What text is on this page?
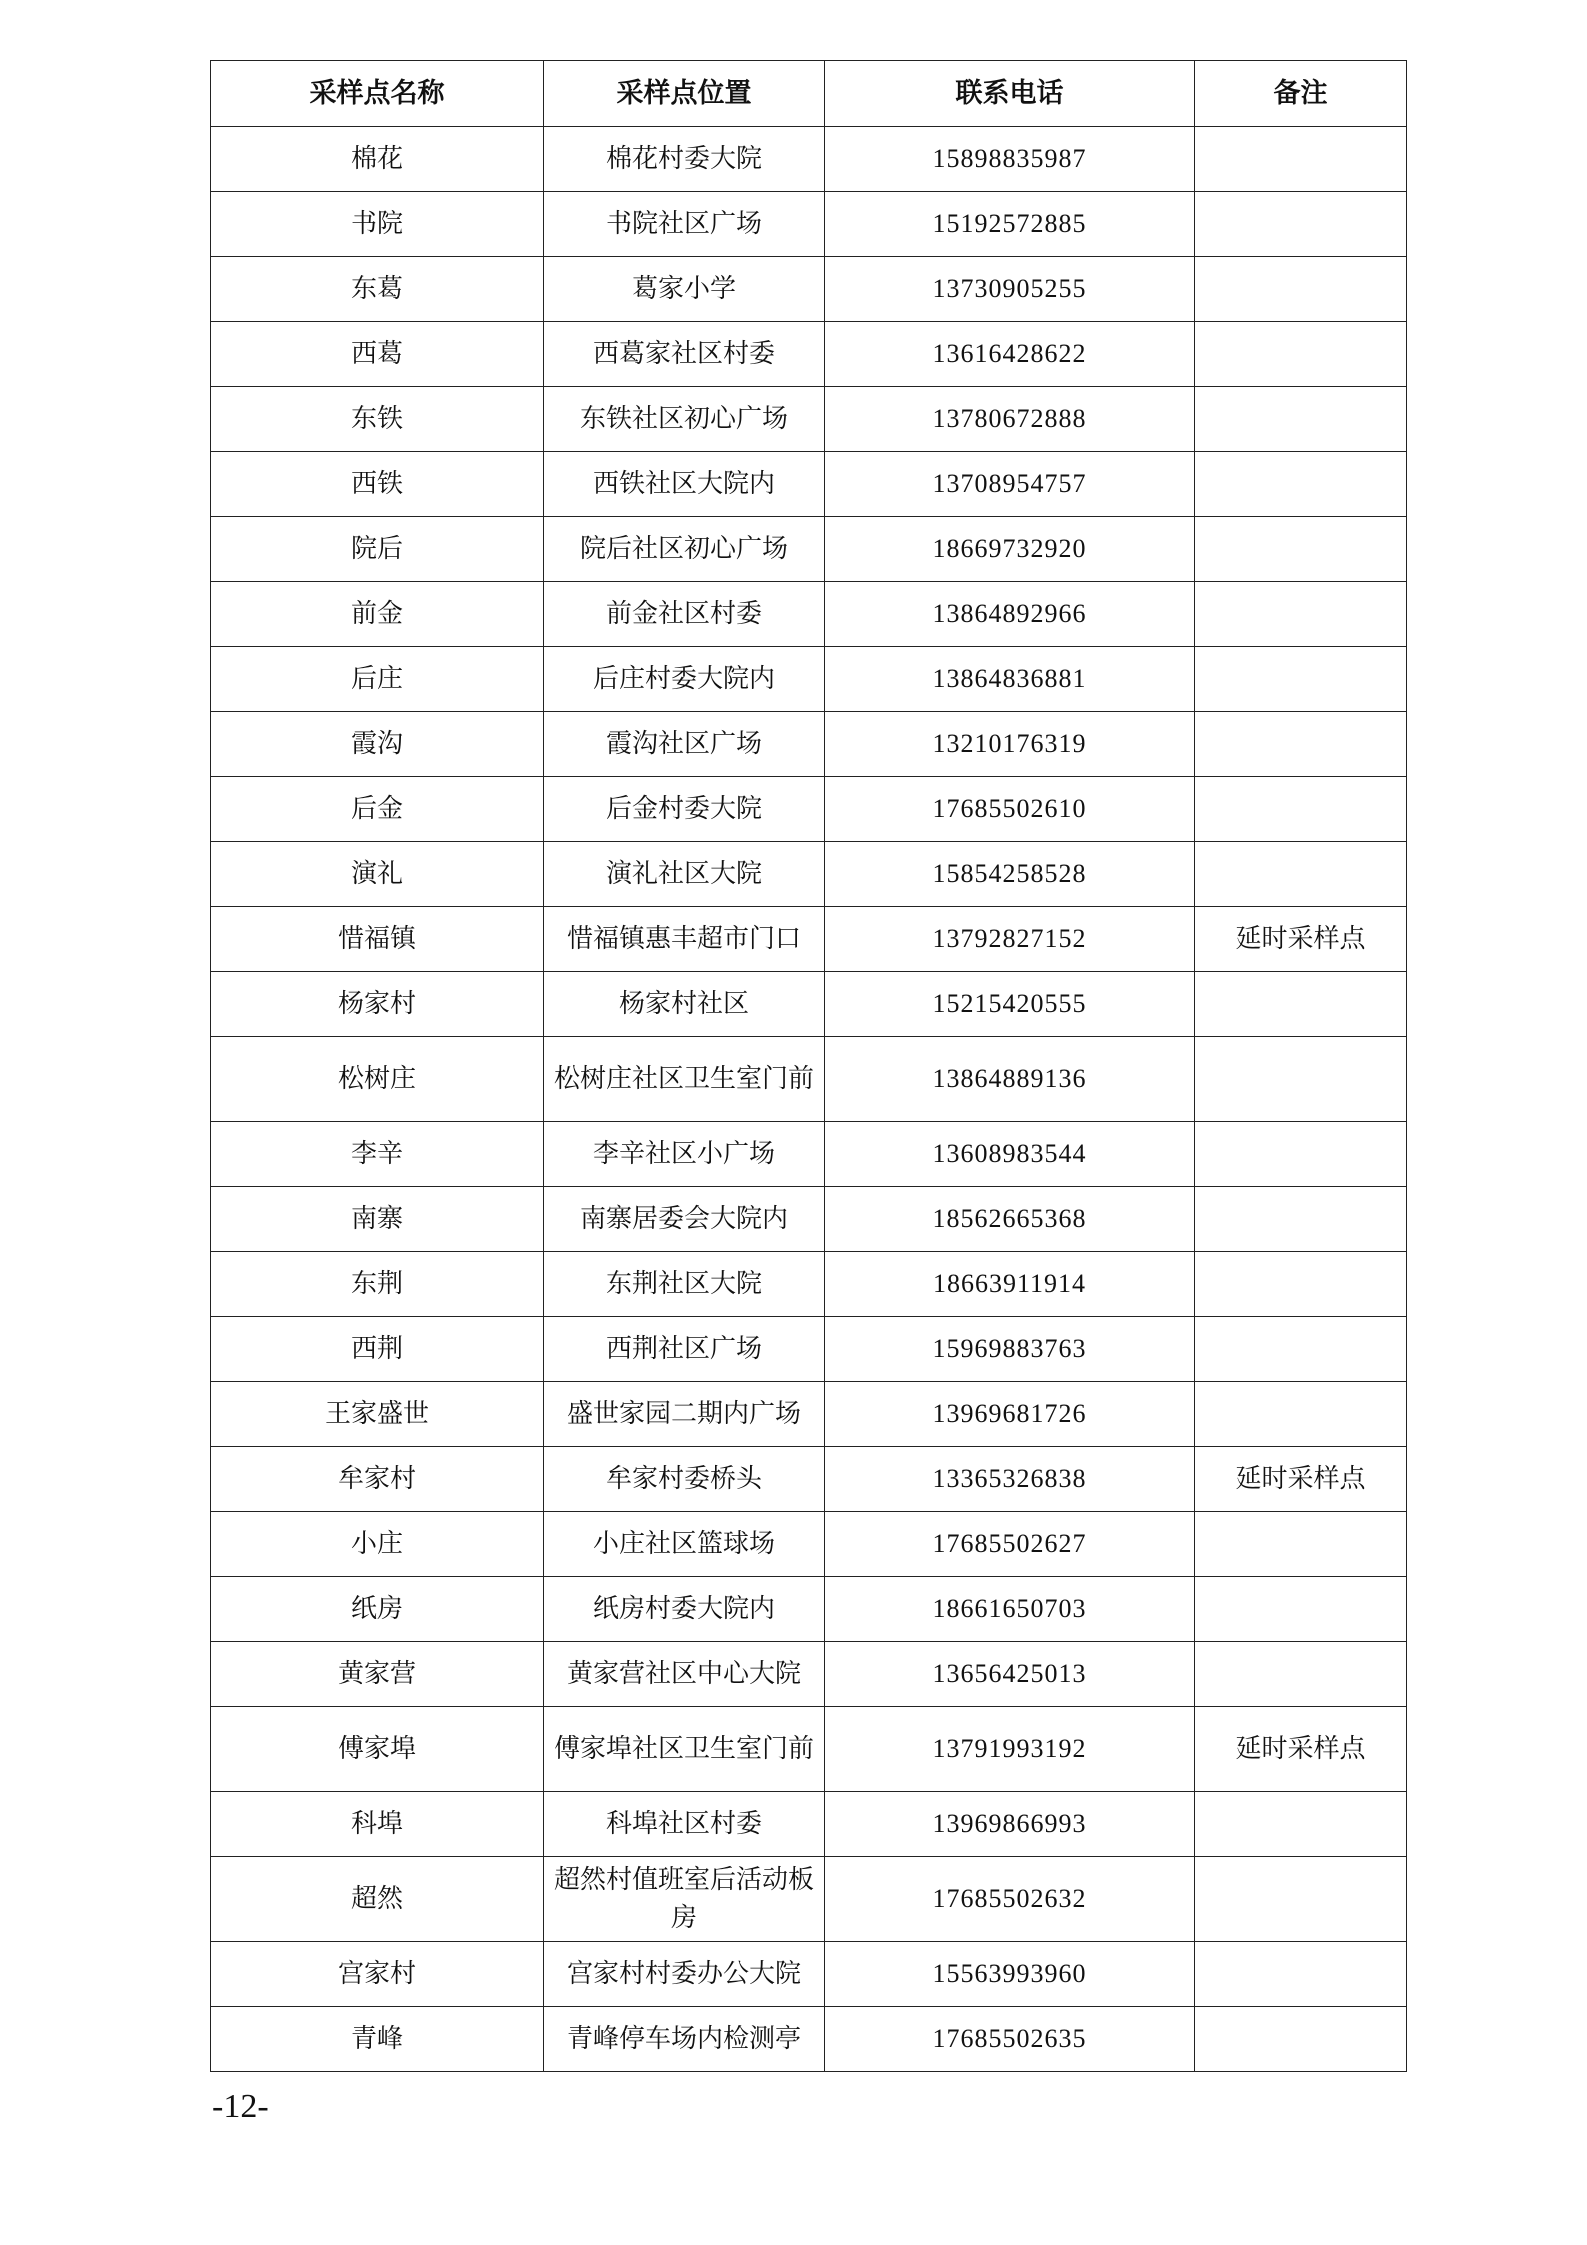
采样点名称	采样点位置	联系电话	备注
棉花	棉花村委大院	15898835987	
书院	书院社区广场	15192572885	
东葛	葛家小学	13730905255	
西葛	西葛家社区村委	13616428622	
东铁	东铁社区初心广场	13780672888	
西铁	西铁社区大院内	13708954757	
院后	院后社区初心广场	18669732920	
前金	前金社区村委	13864892966	
后庄	后庄村委大院内	13864836881	
霞沟	霞沟社区广场	13210176319	
后金	后金村委大院	17685502610	
演礼	演礼社区大院	15854258528	
惜福镇	惜福镇惠丰超市门口	13792827152	延时采样点
杨家村	杨家村社区	15215420555	
松树庄	松树庄社区卫生室门前	13864889136	
李辛	李辛社区小广场	13608983544	
南寨	南寨居委会大院内	18562665368	
东荆	东荆社区大院	18663911914	
西荆	西荆社区广场	15969883763	
王家盛世	盛世家园二期内广场	13969681726	
牟家村	牟家村委桥头	13365326838	延时采样点
小庄	小庄社区篮球场	17685502627	
纸房	纸房村委大院内	18661650703	
黄家营	黄家营社区中心大院	13656425013	
傅家埠	傅家埠社区卫生室门前	13791993192	延时采样点
科埠	科埠社区村委	13969866993	
超然	超然村值班室后活动板房	17685502632	
宫家村	宫家村村委办公大院	15563993960	
青峰	青峰停车场内检测亭	17685502635	
-12-
